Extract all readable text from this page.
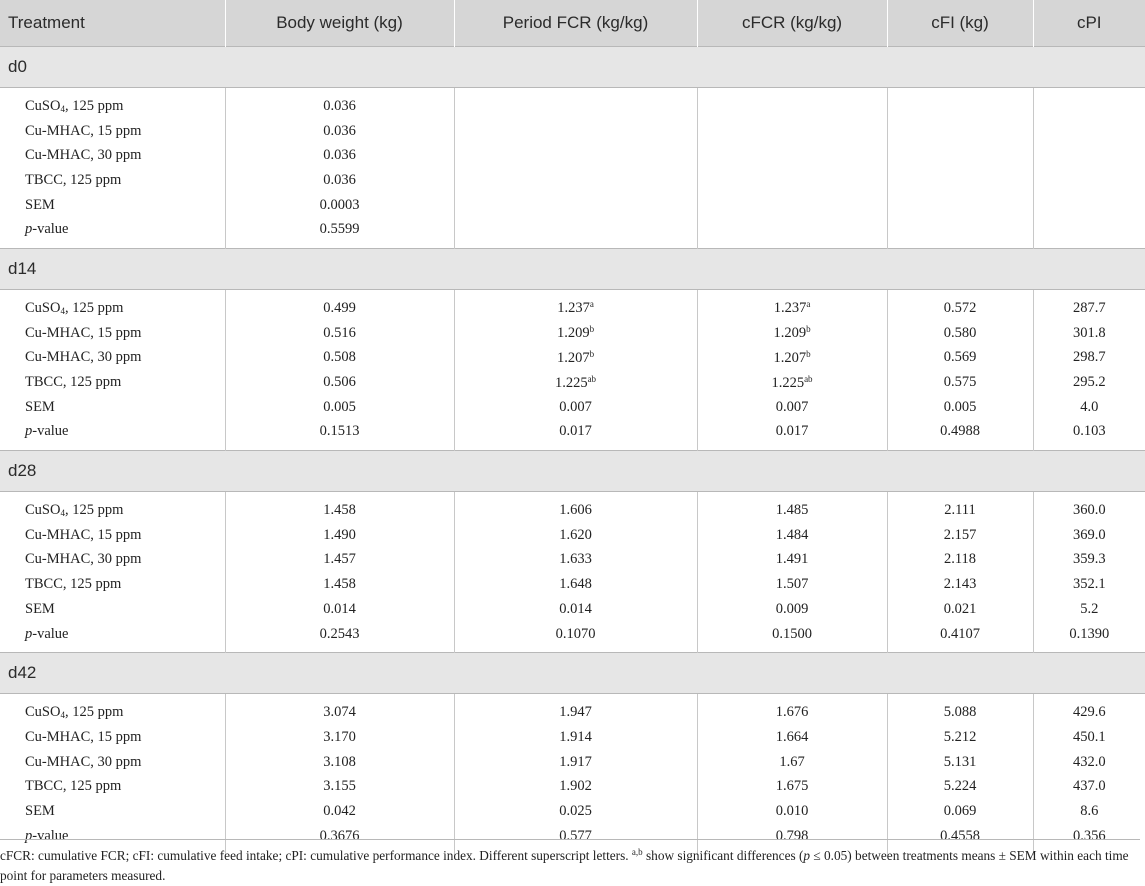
Treatment	Body weight (kg)	Period FCR (kg/kg)	cFCR (kg/kg)	cFI (kg)	cPI
d0					
CuSO$_4$, 125 ppm	0.036				
Cu-MHAC, 15 ppm	0.036				
Cu-MHAC, 30 ppm	0.036				
TBCC, 125 ppm	0.036				
SEM	0.0003				
p-value	0.5599				
d14					
CuSO$_4$, 125 ppm	0.499	1.237$^a$	1.237$^a$	0.572	287.7
Cu-MHAC, 15 ppm	0.516	1.209$^b$	1.209$^b$	0.580	301.8
Cu-MHAC, 30 ppm	0.508	1.207$^b$	1.207$^b$	0.569	298.7
TBCC, 125 ppm	0.506	1.225$^{ab}$	1.225$^{ab}$	0.575	295.2
SEM	0.005	0.007	0.007	0.005	4.0
p-value	0.1513	0.017	0.017	0.4988	0.103
d28					
CuSO$_4$, 125 ppm	1.458	1.606	1.485	2.111	360.0
Cu-MHAC, 15 ppm	1.490	1.620	1.484	2.157	369.0
Cu-MHAC, 30 ppm	1.457	1.633	1.491	2.118	359.3
TBCC, 125 ppm	1.458	1.648	1.507	2.143	352.1
SEM	0.014	0.014	0.009	0.021	5.2
p-value	0.2543	0.1070	0.1500	0.4107	0.1390
d42					
CuSO$_4$, 125 ppm	3.074	1.947	1.676	5.088	429.6
Cu-MHAC, 15 ppm	3.170	1.914	1.664	5.212	450.1
Cu-MHAC, 30 ppm	3.108	1.917	1.67	5.131	432.0
TBCC, 125 ppm	3.155	1.902	1.675	5.224	437.0
SEM	0.042	0.025	0.010	0.069	8.6
p-value	0.3676	0.577	0.798	0.4558	0.356
cFCR: cumulative FCR; cFI: cumulative feed intake; cPI: cumulative performance index. Different superscript letters. $^{a,b}$ show significant differences (p ≤ 0.05) between treatments means ± SEM within each time point for parameters measured.
